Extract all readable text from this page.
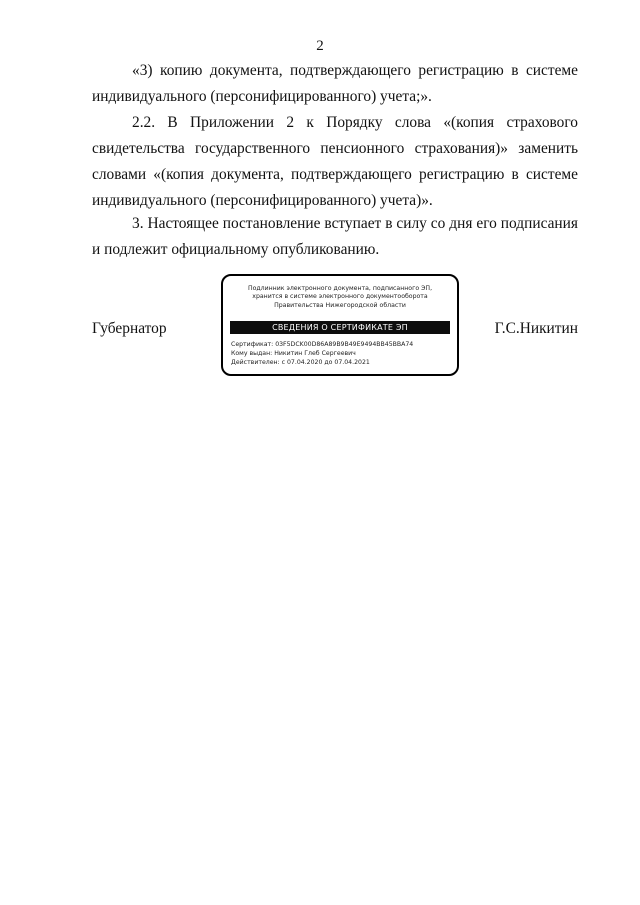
2
«3) копию документа, подтверждающего регистрацию в системе индивидуального (персонифицированного) учета;».
2.2. В Приложении 2 к Порядку слова «(копия страхового свидетельства государственного пенсионного страхования)» заменить словами «(копия документа, подтверждающего регистрацию в системе индивидуального (персонифицированного) учета)».
3. Настоящее постановление вступает в силу со дня его подписания и подлежит официальному опубликованию.
Губернатор
Подлинник электронного документа, подписанного ЭП,
хранится в системе электронного документооборота
Правительства Нижегородской области
СВЕДЕНИЯ О СЕРТИФИКАТЕ ЭП
Сертификат: 03F5DCK00D86A89B9B49E9494BB45BBA74
Кому выдан: Никитин Глеб Сергеевич
Действителен: с 07.04.2020 до 07.04.2021
Г.С.Никитин
